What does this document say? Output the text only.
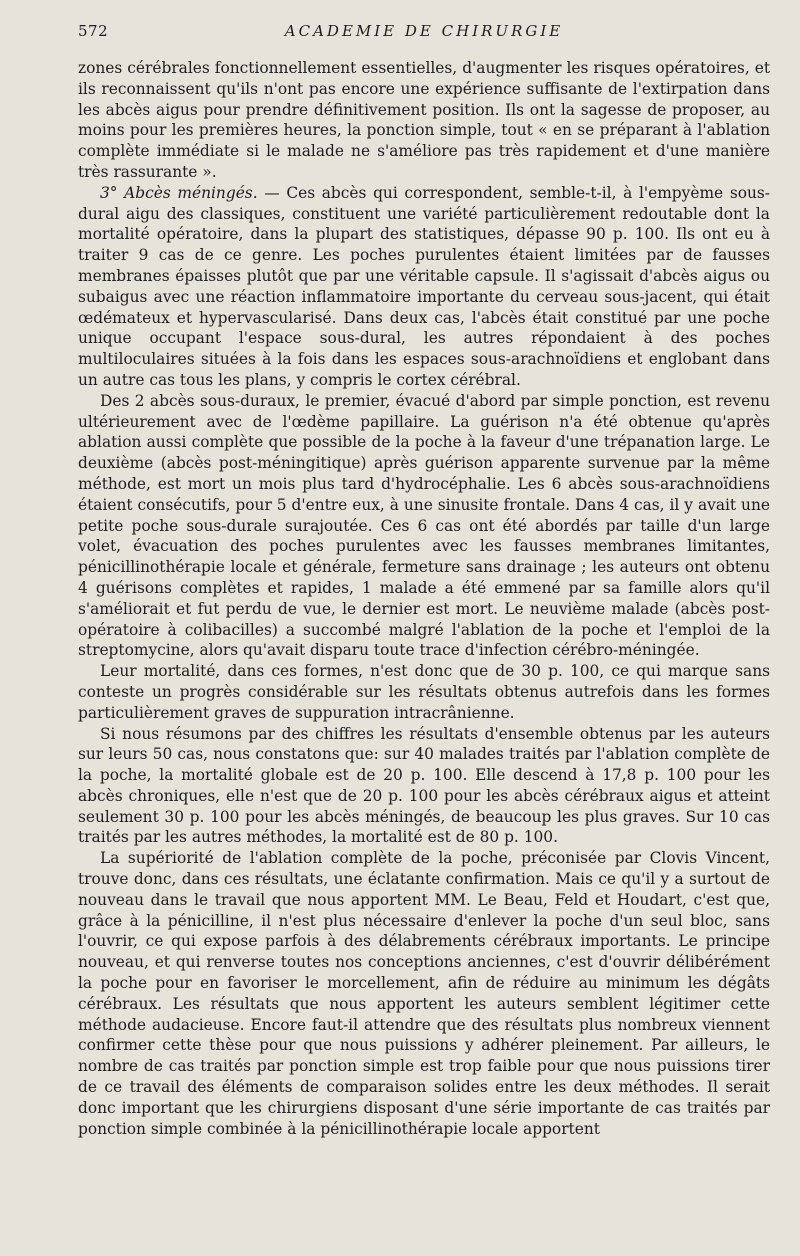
572	ACADEMIE DE CHIRURGIE

zones cérébrales fonctionnellement essentielles, d'augmenter les risques opératoires, et ils reconnaissent qu'ils n'ont pas encore une expérience suffisante de l'extirpation dans les abcès aigus pour prendre définitivement position. Ils ont la sagesse de proposer, au moins pour les premières heures, la ponction simple, tout « en se préparant à l'ablation complète immédiate si le malade ne s'améliore pas très rapidement et d'une manière très rassurante ».

3° Abcès méningés. — Ces abcès qui correspondent, semble-t-il, à l'empyème sous-dural aigu des classiques, constituent une variété particulièrement redoutable dont la mortalité opératoire, dans la plupart des statistiques, dépasse 90 p. 100. Ils ont eu à traiter 9 cas de ce genre. Les poches purulentes étaient limitées par de fausses membranes épaisses plutôt que par une véritable capsule. Il s'agissait d'abcès aigus ou subaigus avec une réaction inflammatoire importante du cerveau sous-jacent, qui était œdémateux et hypervascularisé. Dans deux cas, l'abcès était constitué par une poche unique occupant l'espace sous-dural, les autres répondaient à des poches multiloculaires situées à la fois dans les espaces sous-arachnoïdiens et englobant dans un autre cas tous les plans, y compris le cortex cérébral.

Des 2 abcès sous-duraux, le premier, évacué d'abord par simple ponction, est revenu ultérieurement avec de l'œdème papillaire. La guérison n'a été obtenue qu'après ablation aussi complète que possible de la poche à la faveur d'une trépanation large. Le deuxième (abcès post-méningitique) après guérison apparente survenue par la même méthode, est mort un mois plus tard d'hydrocéphalie. Les 6 abcès sous-arachnoïdiens étaient consécutifs, pour 5 d'entre eux, à une sinusite frontale. Dans 4 cas, il y avait une petite poche sous-durale surajoutée. Ces 6 cas ont été abordés par taille d'un large volet, évacuation des poches purulentes avec les fausses membranes limitantes, pénicillinothérapie locale et générale, fermeture sans drainage ; les auteurs ont obtenu 4 guérisons complètes et rapides, 1 malade a été emmené par sa famille alors qu'il s'améliorait et fut perdu de vue, le dernier est mort. Le neuvième malade (abcès post-opératoire à colibacilles) a succombé malgré l'ablation de la poche et l'emploi de la streptomycine, alors qu'avait disparu toute trace d'infection cérébro-méningée.

Leur mortalité, dans ces formes, n'est donc que de 30 p. 100, ce qui marque sans conteste un progrès considérable sur les résultats obtenus autrefois dans les formes particulièrement graves de suppuration intracrânienne.

Si nous résumons par des chiffres les résultats d'ensemble obtenus par les auteurs sur leurs 50 cas, nous constatons que: sur 40 malades traités par l'ablation complète de la poche, la mortalité globale est de 20 p. 100. Elle descend à 17,8 p. 100 pour les abcès chroniques, elle n'est que de 20 p. 100 pour les abcès cérébraux aigus et atteint seulement 30 p. 100 pour les abcès méningés, de beaucoup les plus graves. Sur 10 cas traités par les autres méthodes, la mortalité est de 80 p. 100.

La supériorité de l'ablation complète de la poche, préconisée par Clovis Vincent, trouve donc, dans ces résultats, une éclatante confirmation. Mais ce qu'il y a surtout de nouveau dans le travail que nous apportent MM. Le Beau, Feld et Houdart, c'est que, grâce à la pénicilline, il n'est plus nécessaire d'enlever la poche d'un seul bloc, sans l'ouvrir, ce qui expose parfois à des délabrements cérébraux importants. Le principe nouveau, et qui renverse toutes nos conceptions anciennes, c'est d'ouvrir délibérément la poche pour en favoriser le morcellement, afin de réduire au minimum les dégâts cérébraux. Les résultats que nous apportent les auteurs semblent légitimer cette méthode audacieuse. Encore faut-il attendre que des résultats plus nombreux viennent confirmer cette thèse pour que nous puissions y adhérer pleinement. Par ailleurs, le nombre de cas traités par ponction simple est trop faible pour que nous puissions tirer de ce travail des éléments de comparaison solides entre les deux méthodes. Il serait donc important que les chirurgiens disposant d'une série importante de cas traités par ponction simple combinée à la pénicillinothérapie locale apportent
